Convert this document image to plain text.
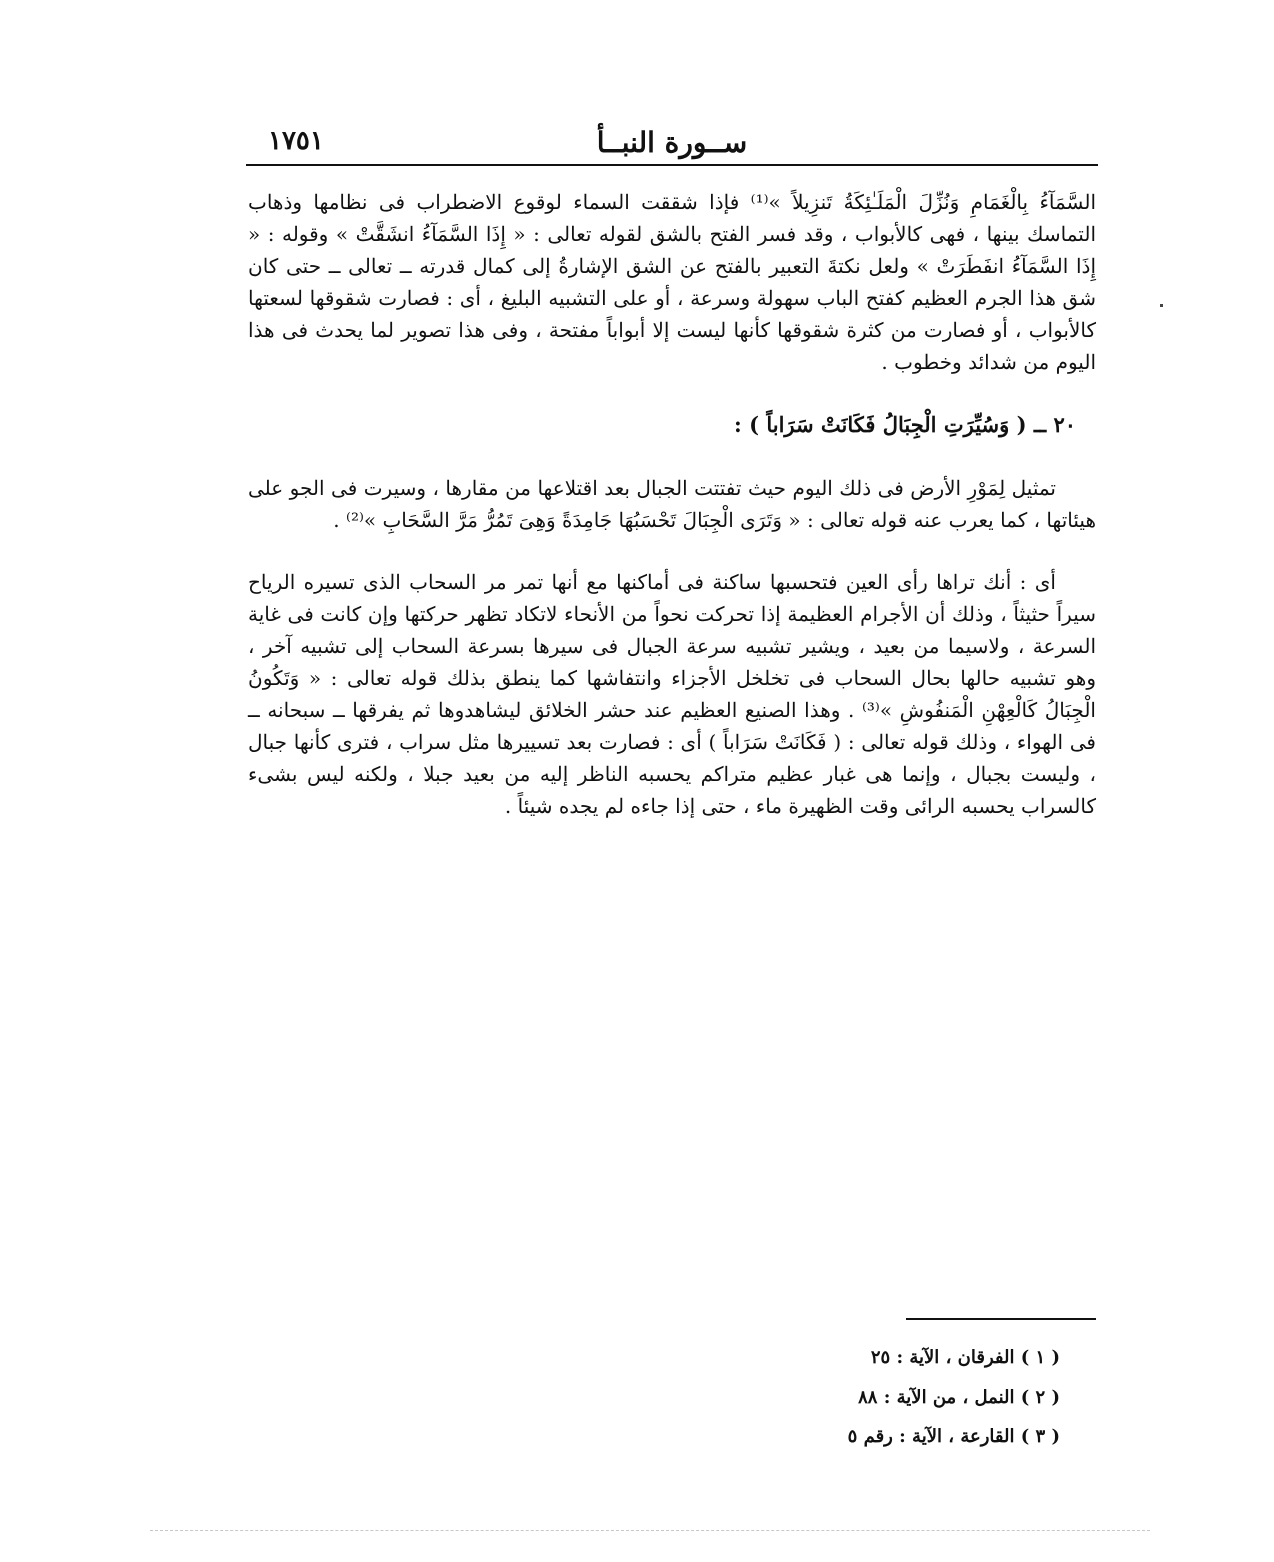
ســورة النبــأ
١٧٥١

السَّمَآءُ بِالْغَمَامِ وَنُزِّلَ الْمَلَـٰئِكَةُ تَنزِيلاً »⁽¹⁾ فإذا شققت السماء لوقوع الاضطراب فى نظامها وذهاب التماسك بينها ، فهى كالأبواب ، وقد فسر الفتح بالشق لقوله تعالى : « إِذَا السَّمَآءُ انشَقَّتْ » وقوله : « إِذَا السَّمَآءُ انفَطَرَتْ » ولعل نكتةَ التعبير بالفتح عن الشق الإشارةُ إلى كمال قدرته ــ تعالى ــ حتى كان شق هذا الجرم العظيم كفتح الباب سهولة وسرعة ، أو على التشبيه البليغ ، أى : فصارت شقوقها لسعتها كالأبواب ، أو فصارت من كثرة شقوقها كأنها ليست إلا أبواباً مفتحة ، وفى هذا تصوير لما يحدث فى هذا اليوم من شدائد وخطوب .

٢٠ ــ ( وَسُيِّرَتِ الْجِبَالُ فَكَانَتْ سَرَاباً ) :

تمثيل لِمَوْرِ الأرض فى ذلك اليوم حيث تفتتت الجبال بعد اقتلاعها من مقارها ، وسيرت فى الجو على هيئاتها ، كما يعرب عنه قوله تعالى : « وَتَرَى الْجِبَالَ تَحْسَبُهَا جَامِدَةً وَهِىَ تَمُرُّ مَرَّ السَّحَابِ »⁽²⁾ .

أى : أنك تراها رأى العين فتحسبها ساكنة فى أماكنها مع أنها تمر مر السحاب الذى تسيره الرياح سيراً حثيثاً ، وذلك أن الأجرام العظيمة إذا تحركت نحواً من الأنحاء لاتكاد تظهر حركتها وإن كانت فى غاية السرعة ، ولاسيما من بعيد ، ويشير تشبيه سرعة الجبال فى سيرها بسرعة السحاب إلى تشبيه آخر ، وهو تشبيه حالها بحال السحاب فى تخلخل الأجزاء وانتفاشها كما ينطق بذلك قوله تعالى : « وَتَكُونُ الْجِبَالُ كَالْعِهْنِ الْمَنفُوشِ »⁽³⁾ . وهذا الصنيع العظيم عند حشر الخلائق ليشاهدوها ثم يفرقها ــ سبحانه ــ فى الهواء ، وذلك قوله تعالى : ( فَكَانَتْ سَرَاباً ) أى : فصارت بعد تسييرها مثل سراب ، فترى كأنها جبال ، وليست بجبال ، وإنما هى غبار عظيم متراكم يحسبه الناظر إليه من بعيد جبلا ، ولكنه ليس بشىء كالسراب يحسبه الرائى وقت الظهيرة ماء ، حتى إذا جاءه لم يجده شيئاً .

( ١ ) الفرقان ، الآية : ٢٥

( ٢ ) النمل ، من الآية : ٨٨

( ٣ ) القارعة ، الآية : رقم ٥
